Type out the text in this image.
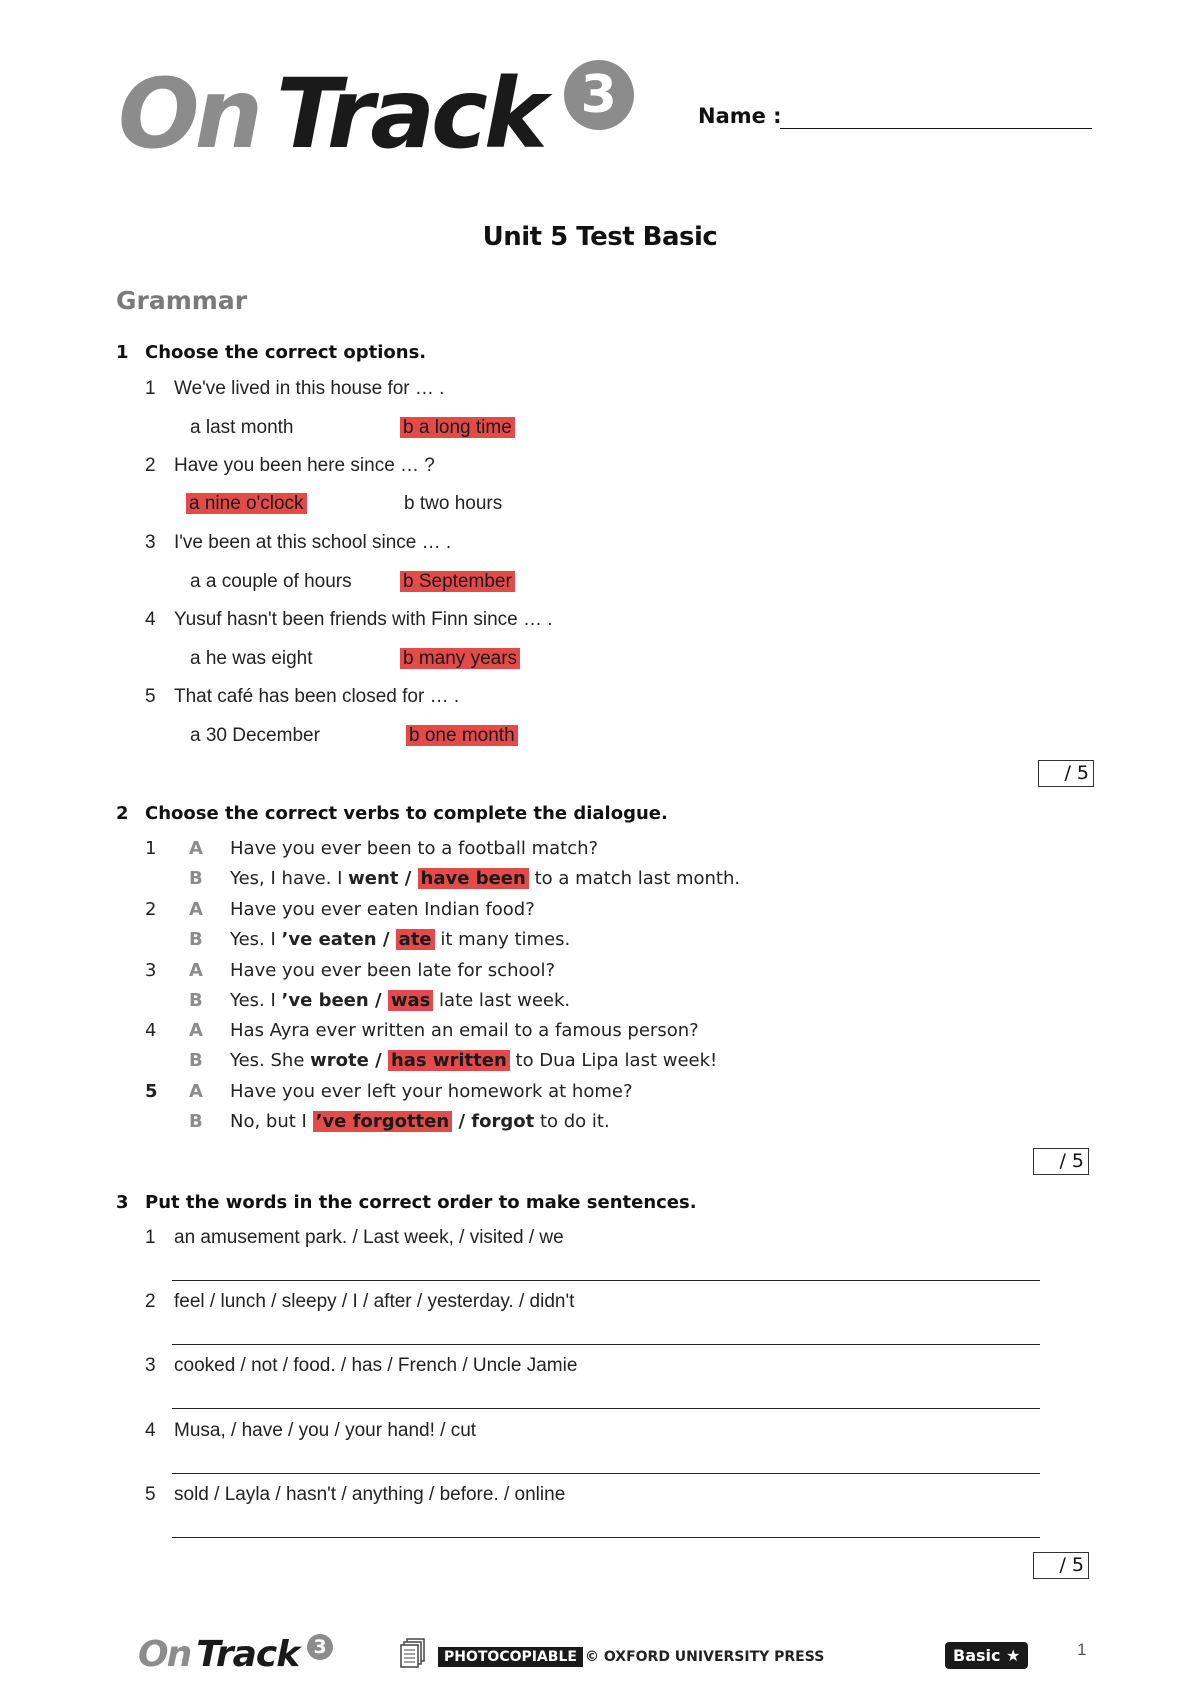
On Track 3	Name :
Unit 5 Test Basic
Grammar
1 Choose the correct options.
1 We've lived in this house for … .
a last month	b a long time
2 Have you been here since … ?
a nine o'clock	b two hours
3 I've been at this school since … .
a a couple of hours	b September
4 Yusuf hasn't been friends with Finn since … .
a he was eight	b many years
5 That café has been closed for … .
a 30 December	b one month
/ 5
2 Choose the correct verbs to complete the dialogue.
1 A Have you ever been to a football match?
B Yes, I have. I went / have been to a match last month.
2 A Have you ever eaten Indian food?
B Yes. I ’ve eaten / ate it many times.
3 A Have you ever been late for school?
B Yes. I ’ve been / was late last week.
4 A Has Ayra ever written an email to a famous person?
B Yes. She wrote / has written to Dua Lipa last week!
5 A Have you ever left your homework at home?
B No, but I ’ve forgotten / forgot to do it.
/ 5
3 Put the words in the correct order to make sentences.
1 an amusement park. / Last week, / visited / we
2 feel / lunch / sleepy / I / after / yesterday. / didn't
3 cooked / not / food. / has / French / Uncle Jamie
4 Musa, / have / you / your hand! / cut
5 sold / Layla / hasn't / anything / before. / online
/ 5
On Track 3	PHOTOCOPIABLE © OXFORD UNIVERSITY PRESS	Basic ★	1
